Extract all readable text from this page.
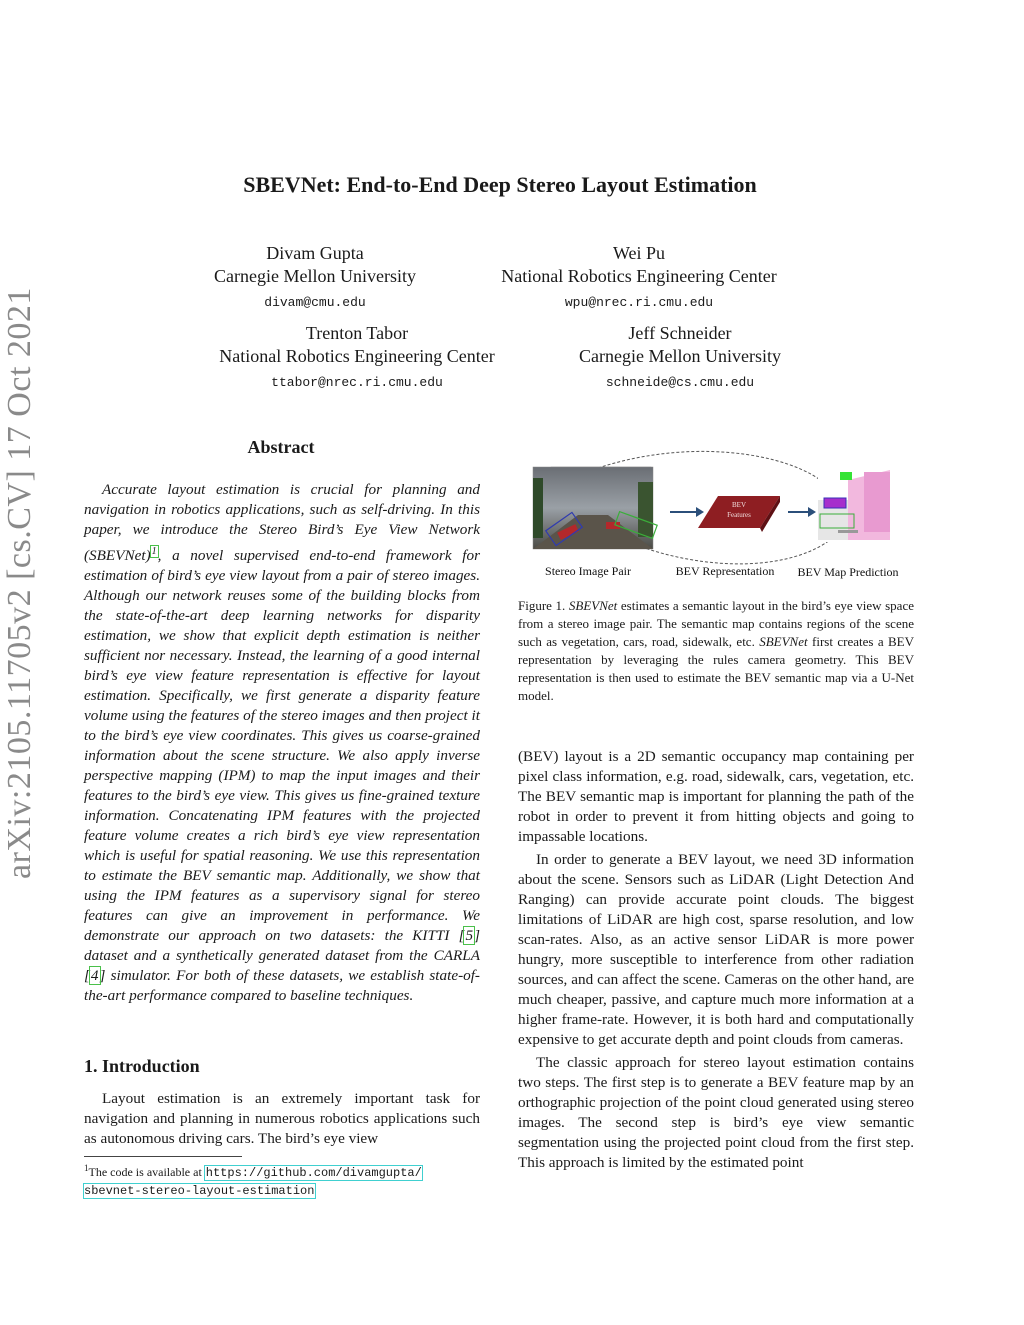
SBEVNet: End-to-End Deep Stereo Layout Estimation
Divam Gupta
Carnegie Mellon University
divam@cmu.edu
Wei Pu
National Robotics Engineering Center
wpu@nrec.ri.cmu.edu
Trenton Tabor
National Robotics Engineering Center
ttabor@nrec.ri.cmu.edu
Jeff Schneider
Carnegie Mellon University
schneide@cs.cmu.edu
arXiv:2105.11705v2 [cs.CV] 17 Oct 2021	Abstract

Accurate layout estimation is crucial for planning and navigation in robotics applications, such as self-driving. In this paper, we introduce the Stereo Bird’s Eye View Network (SBEVNet)$^1$, a novel supervised end-to-end framework for estimation of bird’s eye view layout from a pair of stereo images. Although our network reuses some of the building blocks from the state-of-the-art deep learning networks for disparity estimation, we show that explicit depth estimation is neither sufficient nor necessary. Instead, the learning of a good internal bird’s eye view feature representation is effective for layout estimation. Specifically, we first generate a disparity feature volume using the features of the stereo images and then project it to the bird’s eye view coordinates. This gives us coarse-grained information about the scene structure. We also apply inverse perspective mapping (IPM) to map the input images and their features to the bird’s eye view. This gives us fine-grained texture information. Concatenating IPM features with the projected feature volume creates a rich bird’s eye view representation which is useful for spatial reasoning. We use this representation to estimate the BEV semantic map. Additionally, we show that using the IPM features as a supervisory signal for stereo features can give an improvement in performance. We demonstrate our approach on two datasets: the KITTI [5] dataset and a synthetically generated dataset from the CARLA [4] simulator. For both of these datasets, we establish state-of-the-art performance compared to baseline techniques.

1. Introduction

Layout estimation is an extremely important task for navigation and planning in numerous robotics applications such as autonomous driving cars. The bird’s eye view

$^1$The code is available at https://github.com/divamgupta/ sbevnet-stereo-layout-estimation
BEV
Features
Stereo Image Pair	BEV Representation BEV Map Prediction

Figure 1. SBEVNet estimates a semantic layout in the bird’s eye view space from a stereo image pair. The semantic map contains regions of the scene such as vegetation, cars, road, sidewalk, etc. SBEVNet first creates a BEV representation by leveraging the rules camera geometry. This BEV representation is then used to estimate the BEV semantic map via a U-Net model.

(BEV) layout is a 2D semantic occupancy map containing per pixel class information, e.g. road, sidewalk, cars, vegetation, etc. The BEV semantic map is important for planning the path of the robot in order to prevent it from hitting objects and going to impassable locations.

In order to generate a BEV layout, we need 3D information about the scene. Sensors such as LiDAR (Light Detection And Ranging) can provide accurate point clouds. The biggest limitations of LiDAR are high cost, sparse resolution, and low scan-rates. Also, as an active sensor LiDAR is more power hungry, more susceptible to interference from other radiation sources, and can affect the scene. Cameras on the other hand, are much cheaper, passive, and capture much more information at a higher frame-rate. However, it is both hard and computationally expensive to get accurate depth and point clouds from cameras.

The classic approach for stereo layout estimation contains two steps. The first step is to generate a BEV feature map by an orthographic projection of the point cloud generated using stereo images. The second step is bird’s eye view semantic segmentation using the projected point cloud from the first step. This approach is limited by the estimated point
